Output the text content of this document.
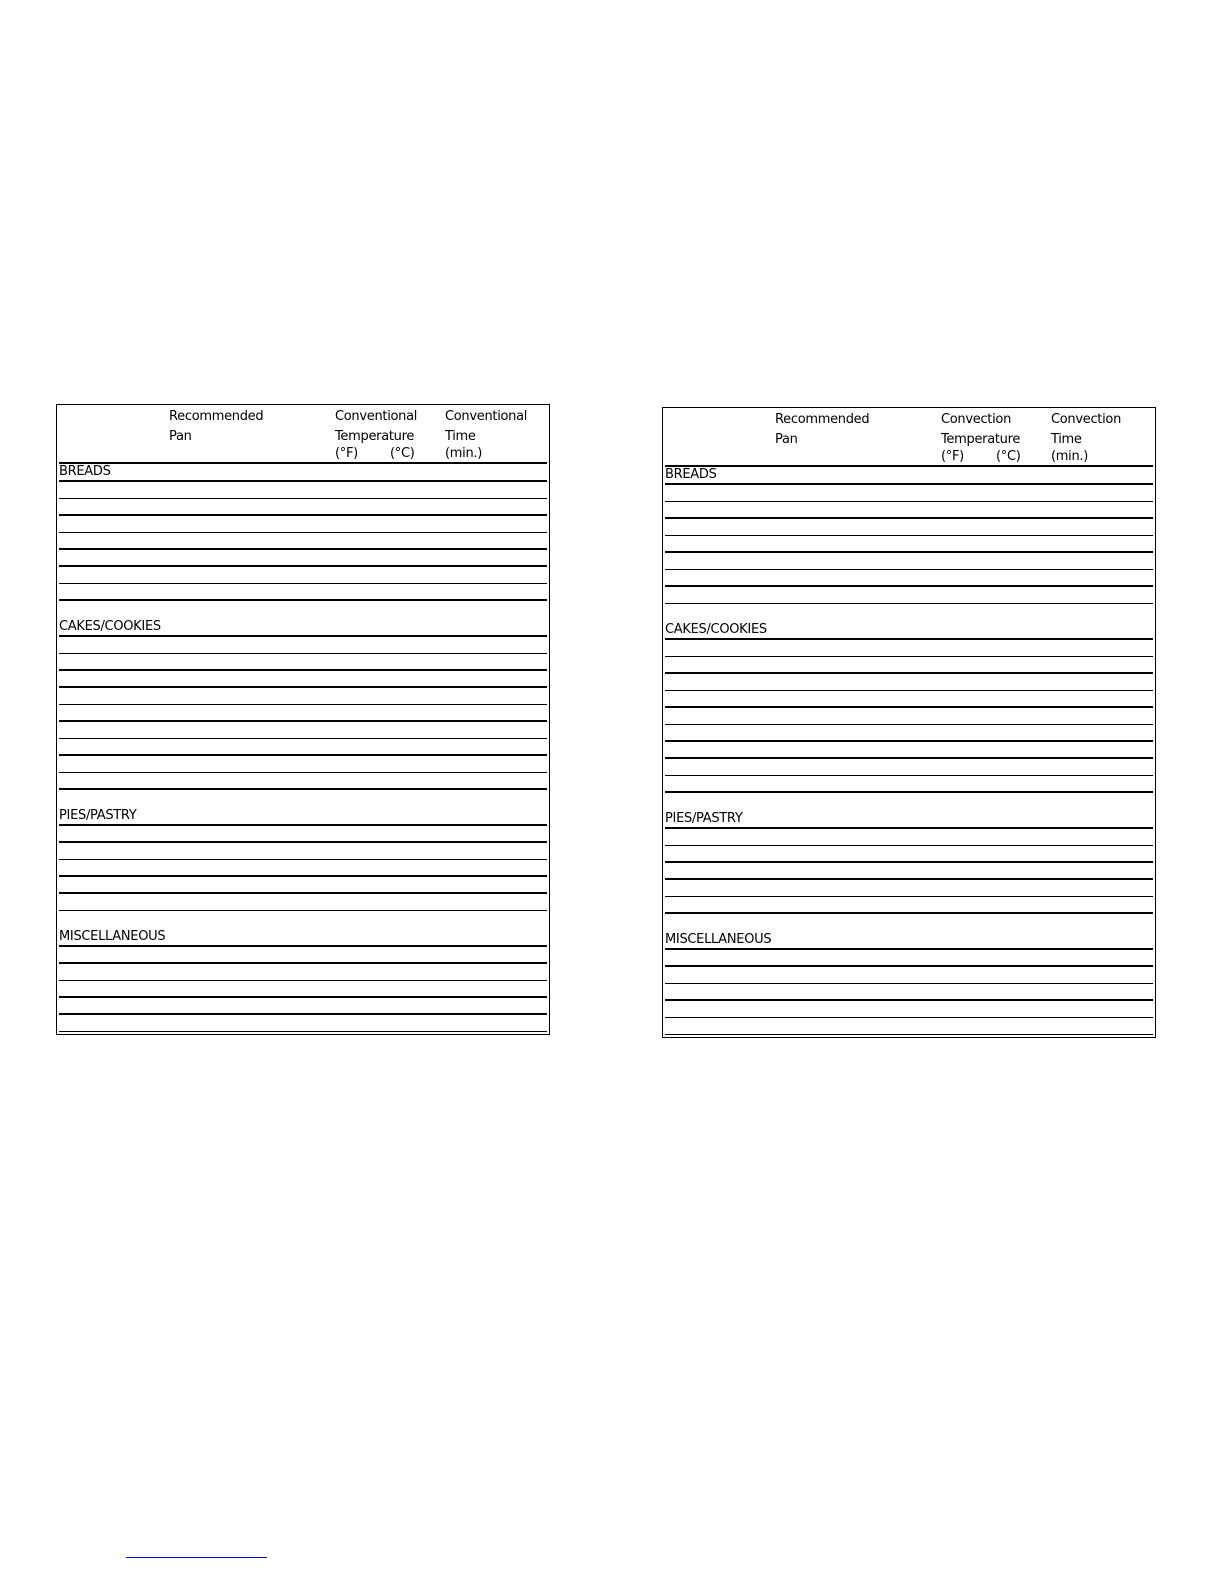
Recommended
Pan
Conventional
Temperature
(°F) (°C)
Conventional
Time
(min.)
BREADS
CAKES/COOKIES
PIES/PASTRY
MISCELLANEOUS
Recommended
Pan
Convection
Temperature
(°F) (°C)
Convection
Time
(min.)
BREADS
CAKES/COOKIES
PIES/PASTRY
MISCELLANEOUS
